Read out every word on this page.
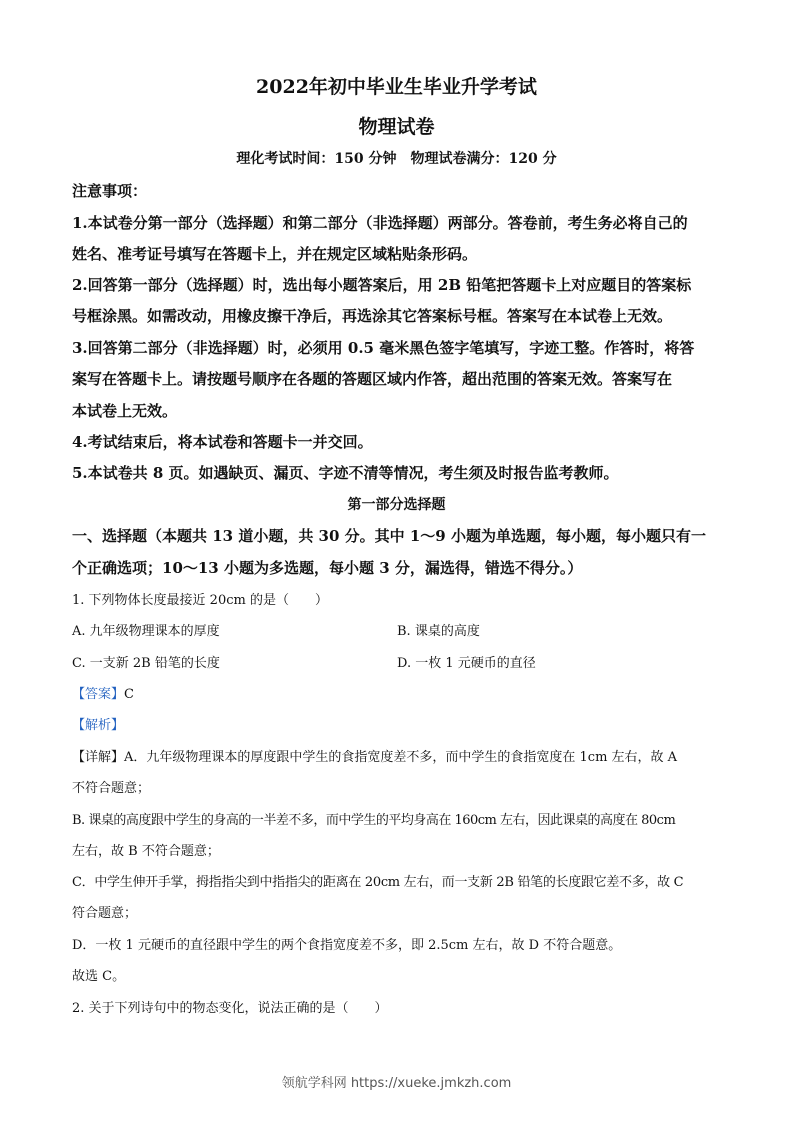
2022年初中毕业生毕业升学考试
物理试卷
理化考试时间：150 分钟　物理试卷满分：120 分
注意事项：
1.本试卷分第一部分（选择题）和第二部分（非选择题）两部分。答卷前，考生务必将自己的
姓名、准考证号填写在答题卡上，并在规定区域粘贴条形码。
2.回答第一部分（选择题）时，选出每小题答案后，用 2B 铅笔把答题卡上对应题目的答案标
号框涂黑。如需改动，用橡皮擦干净后，再选涂其它答案标号框。答案写在本试卷上无效。
3.回答第二部分（非选择题）时，必须用 0.5 毫米黑色签字笔填写，字迹工整。作答时，将答
案写在答题卡上。请按题号顺序在各题的答题区域内作答，超出范围的答案无效。答案写在
本试卷上无效。
4.考试结束后，将本试卷和答题卡一并交回。
5.本试卷共 8 页。如遇缺页、漏页、字迹不清等情况，考生须及时报告监考教师。
第一部分选择题
一、选择题（本题共 13 道小题，共 30 分。其中 1～9 小题为单选题，每小题，每小题只有一
个正确选项；10～13 小题为多选题，每小题 3 分，漏选得，错选不得分。）
1. 下列物体长度最接近 20cm 的是（　　）
A. 九年级物理课本的厚度	B. 课桌的高度
C. 一支新 2B 铅笔的长度	D. 一枚 1 元硬币的直径
【答案】C
【解析】
【详解】A．九年级物理课本的厚度跟中学生的食指宽度差不多，而中学生的食指宽度在 1cm 左右，故 A
不符合题意；
B. 课桌的高度跟中学生的身高的一半差不多，而中学生的平均身高在 160cm 左右，因此课桌的高度在 80cm
左右，故 B 不符合题意；
C．中学生伸开手掌，拇指指尖到中指指尖的距离在 20cm 左右，而一支新 2B 铅笔的长度跟它差不多，故 C
符合题意；
D．一枚 1 元硬币的直径跟中学生的两个食指宽度差不多，即 2.5cm 左右，故 D 不符合题意。
故选 C。
2. 关于下列诗句中的物态变化，说法正确的是（　　）
领航学科网 https://xueke.jmkzh.com
